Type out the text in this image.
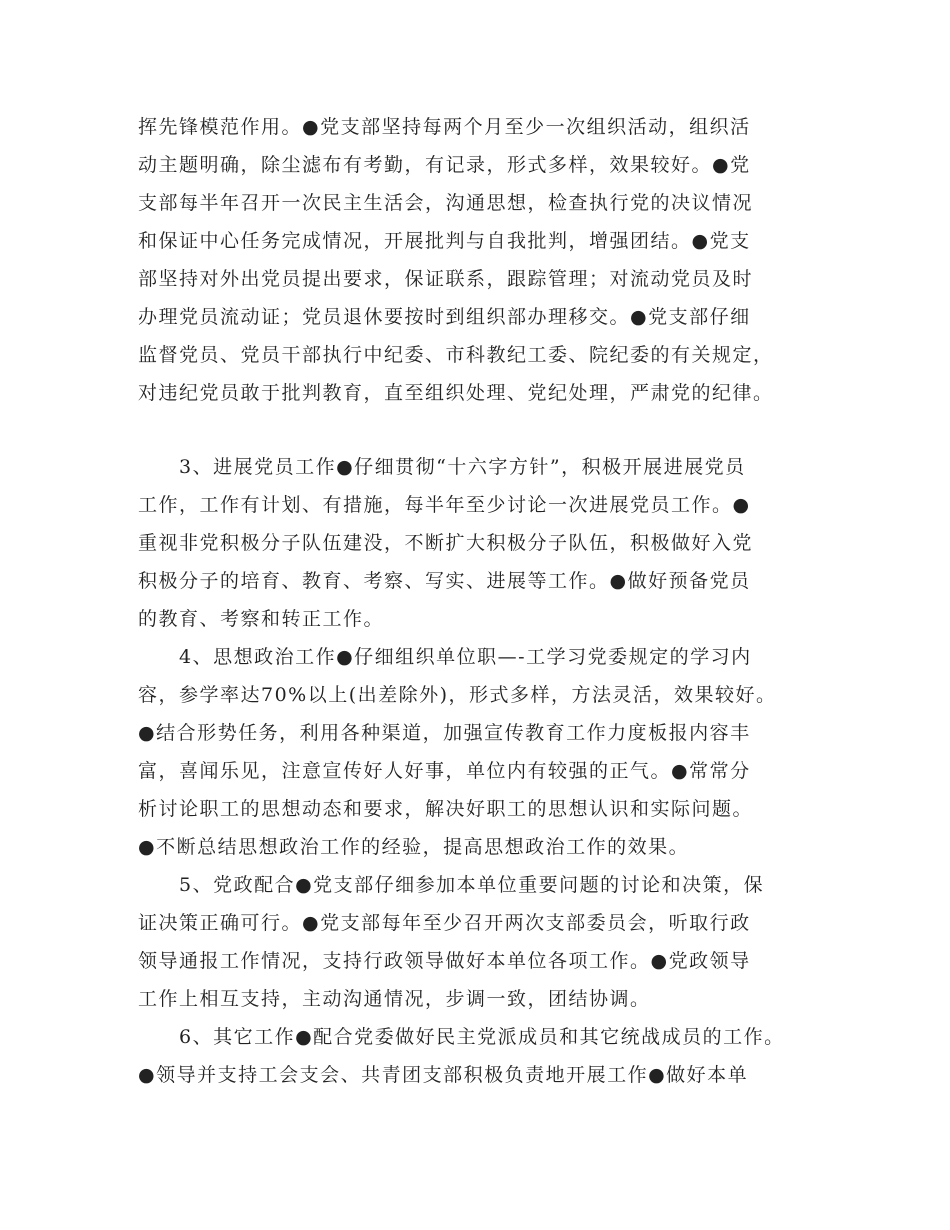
挥先锋模范作用。●党支部坚持每两个月至少一次组织活动，组织活
动主题明确，除尘滤布有考勤，有记录，形式多样，效果较好。●党
支部每半年召开一次民主生活会，沟通思想，检查执行党的决议情况
和保证中心任务完成情况，开展批判与自我批判，增强团结。●党支
部坚持对外出党员提出要求，保证联系，跟踪管理；对流动党员及时
办理党员流动证；党员退休要按时到组织部办理移交。●党支部仔细
监督党员、党员干部执行中纪委、市科教纪工委、院纪委的有关规定，
对违纪党员敢于批判教育，直至组织处理、党纪处理，严肃党的纪律。
　　3、进展党员工作●仔细贯彻“十六字方针”，积极开展进展党员
工作，工作有计划、有措施，每半年至少讨论一次进展党员工作。●
重视非党积极分子队伍建没，不断扩大积极分子队伍，积极做好入党
积极分子的培育、教育、考察、写实、进展等工作。●做好预备党员
的教育、考察和转正工作。
　　4、思想政治工作●仔细组织单位职—-工学习党委规定的学习内
容，参学率达70%以上(出差除外)，形式多样，方法灵活，效果较好。
●结合形势任务，利用各种渠道，加强宣传教育工作力度板报内容丰
富，喜闻乐见，注意宣传好人好事，单位内有较强的正气。●常常分
析讨论职工的思想动态和要求，解决好职工的思想认识和实际问题。
●不断总结思想政治工作的经验，提高思想政治工作的效果。
　　5、党政配合●党支部仔细参加本单位重要问题的讨论和决策，保
证决策正确可行。●党支部每年至少召开两次支部委员会，听取行政
领导通报工作情况，支持行政领导做好本单位各项工作。●党政领导
工作上相互支持，主动沟通情况，步调一致，团结协调。
　　6、其它工作●配合党委做好民主党派成员和其它统战成员的工作。
●领导并支持工会支会、共青团支部积极负责地开展工作●做好本单
